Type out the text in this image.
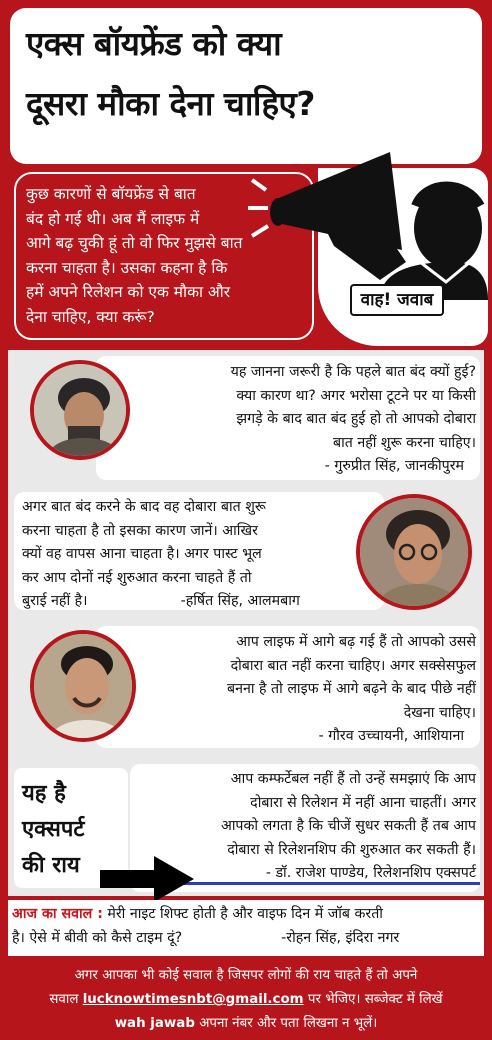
एक्स बॉयफ्रेंड को क्या
दूसरा मौका देना चाहिए?
कुछ कारणों से बॉयफ्रेंड से बात
बंद हो गई थी। अब मैं लाइफ में
आगे बढ़ चुकी हूं तो वो फिर मुझसे बात
करना चाहता है। उसका कहना है कि
हमें अपने रिलेशन को एक मौका और
देना चाहिए, क्या करूं?
वाह! जवाब
यह जानना जरूरी है कि पहले बात बंद क्यों हुई?
क्या कारण था? अगर भरोसा टूटने पर या किसी
झगड़े के बाद बात बंद हुई हो तो आपको दोबारा
बात नहीं शुरू करना चाहिए।
- गुरुप्रीत सिंह, जानकीपुरम
अगर बात बंद करने के बाद वह दोबारा बात शुरू
करना चाहता है तो इसका कारण जानें। आखिर
क्यों वह वापस आना चाहता है। अगर पास्ट भूल
कर आप दोनों नई शुरुआत करना चाहते हैं तो
बुराई नहीं है।	-हर्षित सिंह, आलमबाग
आप लाइफ में आगे बढ़ गई हैं तो आपको उससे
दोबारा बात नहीं करना चाहिए। अगर सक्सेसफुल
बनना है तो लाइफ में आगे बढ़ने के बाद पीछे नहीं
देखना चाहिए।
- गौरव उच्चायनी, आशियाना
यह है
एक्सपर्ट
की राय
आप कम्फर्टेबल नहीं हैं तो उन्हें समझाएं कि आप
दोबारा से रिलेशन में नहीं आना चाहतीं। अगर
आपको लगता है कि चीजें सुधर सकती हैं तब आप
दोबारा से रिलेशनशिप की शुरुआत कर सकती हैं।
- डॉ. राजेश पाण्डेय, रिलेशनशिप एक्सपर्ट
आज का सवाल : मेरी नाइट शिफ्ट होती है और वाइफ दिन में जॉब करती
है। ऐसे में बीवी को कैसे टाइम दूं?	-रोहन सिंह, इंदिरा नगर
अगर आपका भी कोई सवाल है जिसपर लोगों की राय चाहते हैं तो अपने
सवाल lucknowtimesnbt@gmail.com पर भेजिए। सब्जेक्ट में लिखें
wah jawab अपना नंबर और पता लिखना न भूलें।
